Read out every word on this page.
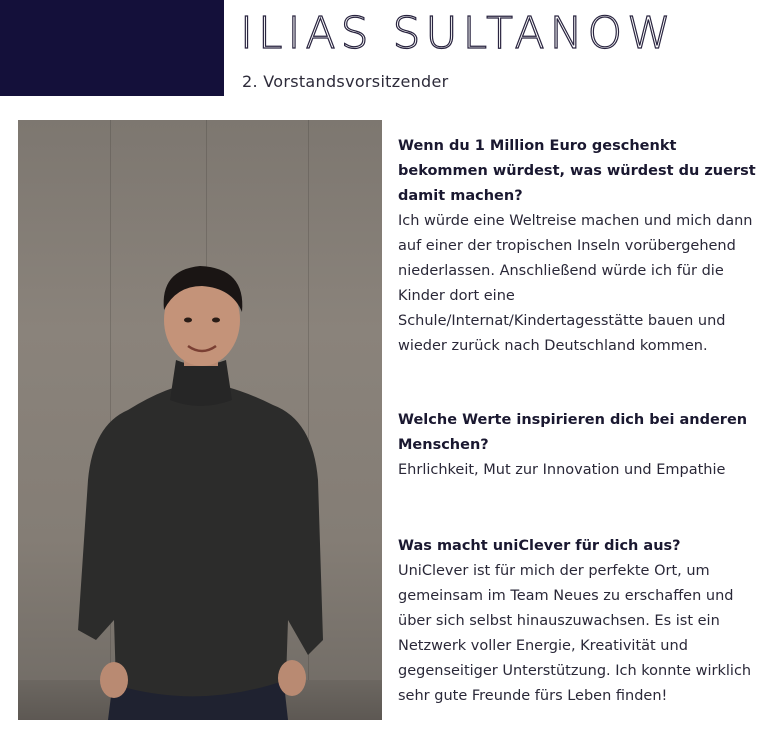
ILIAS SULTANOW
2. Vorstandsvorsitzender
Wenn du 1 Million Euro geschenkt bekommen würdest, was würdest du zuerst damit machen?
Ich würde eine Weltreise machen und mich dann auf einer der tropischen Inseln vorübergehend niederlassen. Anschließend würde ich für die Kinder dort eine Schule/Internat/Kindertagesstätte bauen und wieder zurück nach Deutschland kommen.
Welche Werte inspirieren dich bei anderen Menschen?
Ehrlichkeit, Mut zur Innovation und Empathie
Was macht uniClever für dich aus?
UniClever ist für mich der perfekte Ort, um gemeinsam im Team Neues zu erschaffen und über sich selbst hinauszuwachsen. Es ist ein Netzwerk voller Energie, Kreativität und gegenseitiger Unterstützung. Ich konnte wirklich sehr gute Freunde fürs Leben finden!
